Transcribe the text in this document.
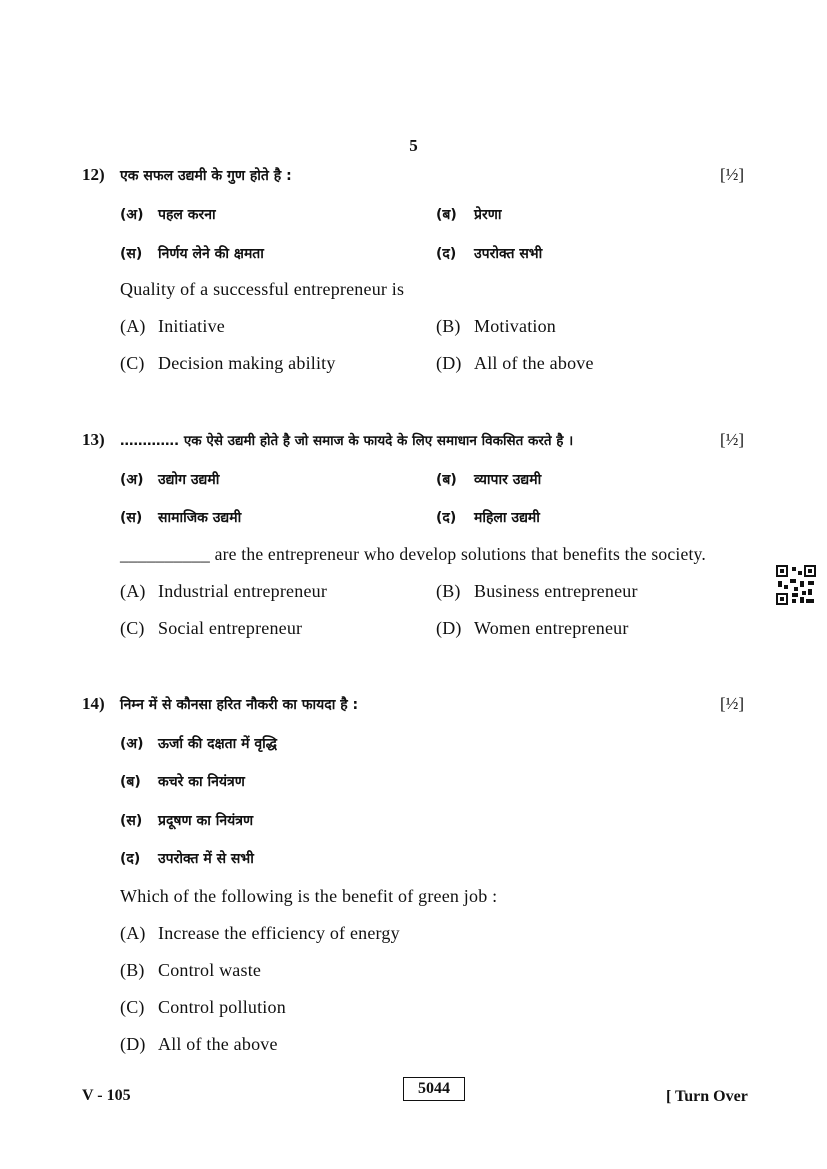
5
12) एक सफल उद्यमी के गुण होते है :	[½]
(अ) पहल करना	(ब) प्रेरणा
(स) निर्णय लेने की क्षमता	(द) उपरोक्त सभी
Quality of a successful entrepreneur is
(A) Initiative	(B) Motivation
(C) Decision making ability	(D) All of the above
13) …………. एक ऐसे उद्यमी होते है जो समाज के फायदे के लिए समाधान विकसित करते है ।	[½]
(अ) उद्योग उद्यमी	(ब) व्यापार उद्यमी
(स) सामाजिक उद्यमी	(द) महिला उद्यमी
__________ are the entrepreneur who develop solutions that benefits the society.
(A) Industrial entrepreneur	(B) Business entrepreneur
(C) Social entrepreneur	(D) Women entrepreneur
14) निम्न में से कौनसा हरित नौकरी का फायदा है :	[½]
(अ) ऊर्जा की दक्षता में वृद्धि
(ब) कचरे का नियंत्रण
(स) प्रदूषण का नियंत्रण
(द) उपरोक्त में से सभी
Which of the following is the benefit of green job :
(A) Increase the efficiency of energy
(B) Control waste
(C) Control pollution
(D) All of the above
V - 105	5044	[ Turn Over
